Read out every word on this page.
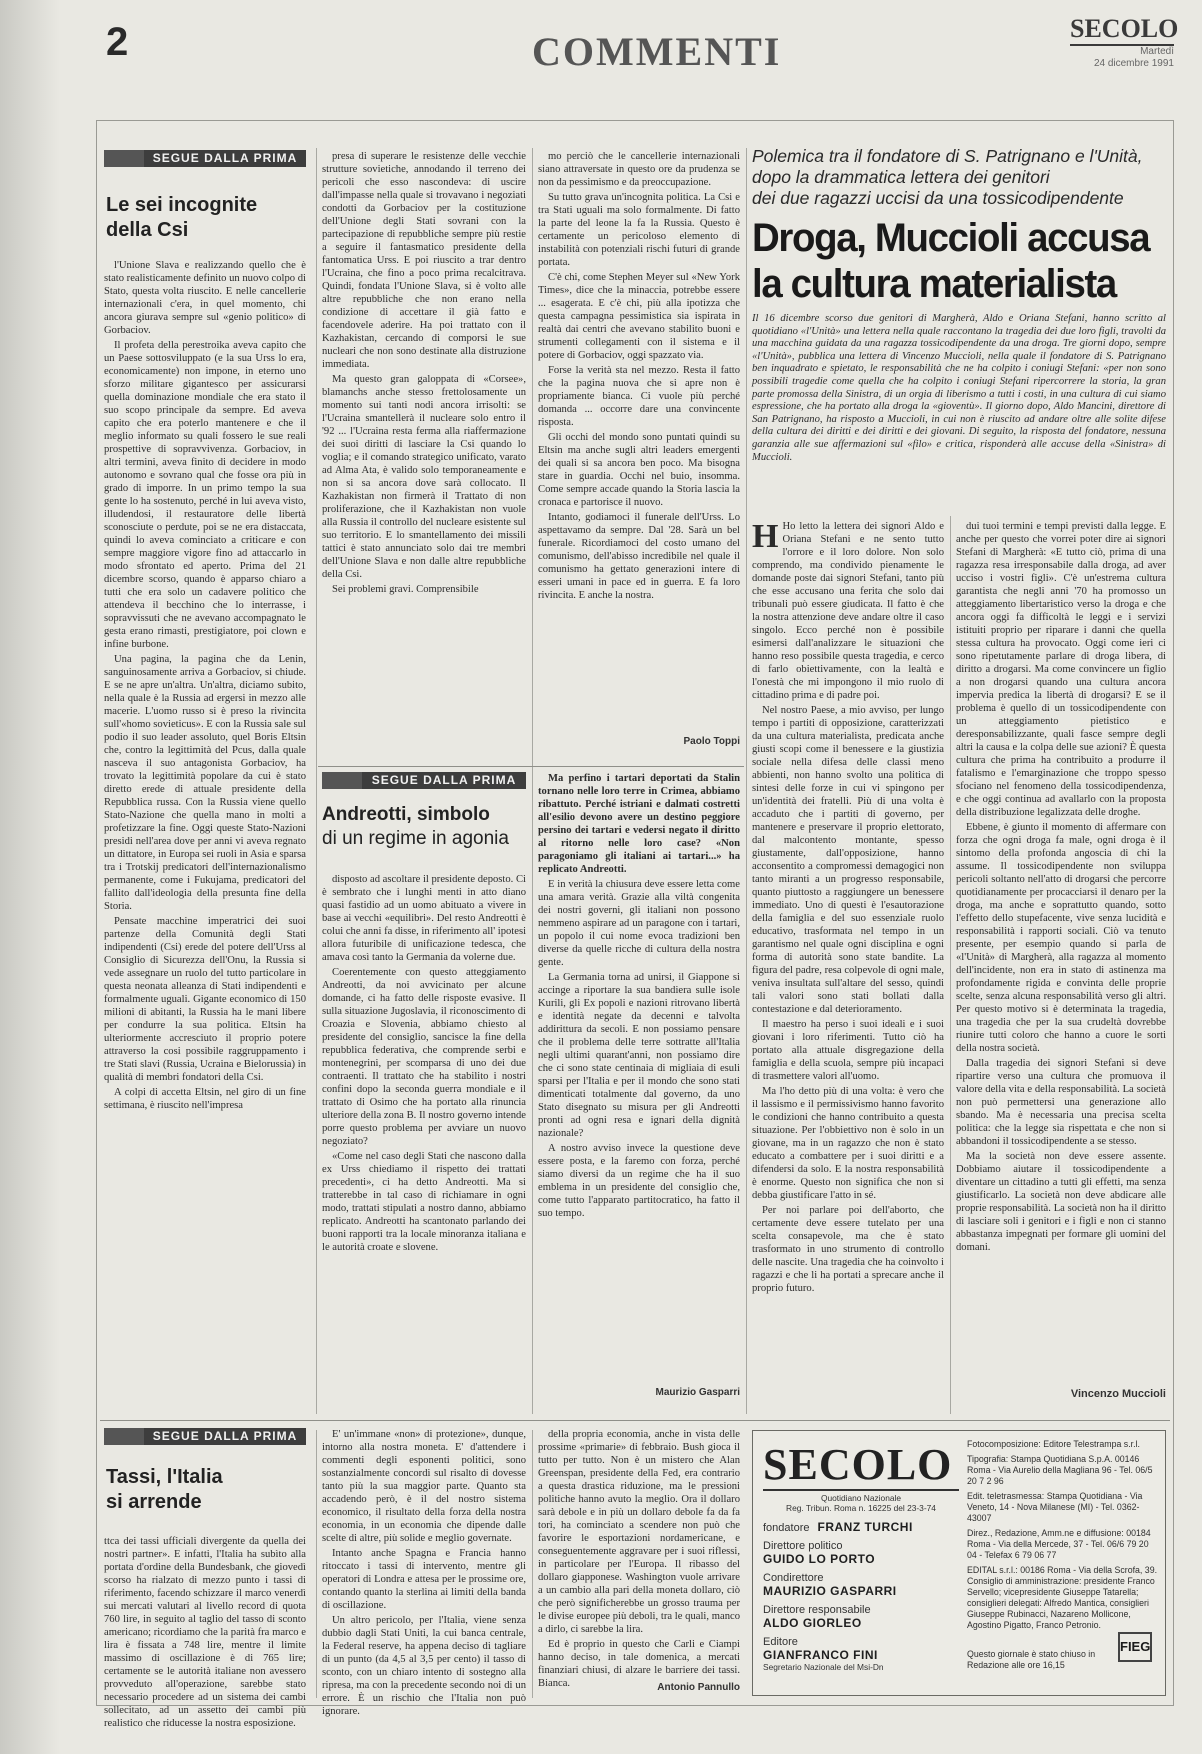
2	COMMENTI
SECOLO
Martedì
24 dicembre 1991
SEGUE DALLA PRIMA
Le sei incognite
della Csi

l'Unione Slava e realizzando quello che è stato realisticamente definito un nuovo colpo di Stato, questa volta riuscito. E nelle cancellerie internazionali c'era, in quel momento, chi ancora giurava sempre sul «genio politico» di Gorbaciov.

Il profeta della perestroika aveva capito che un Paese sottosviluppato (e la sua Urss lo era, economicamente) non impone, in eterno uno sforzo militare gigantesco per assicurarsi quella dominazione mondiale che era stato il suo scopo principale da sempre. Ed aveva capito che era poterlo mantenere e che il meglio informato su quali fossero le sue reali prospettive di sopravvivenza. Gorbaciov, in altri termini, aveva finito di decidere in modo autonomo e sovrano qual che fosse ora più in grado di imporre. In un primo tempo la sua gente lo ha sostenuto, perché in lui aveva visto, illudendosi, il restauratore delle libertà sconosciute o perdute, poi se ne era distaccata, quindi lo aveva cominciato a criticare e con sempre maggiore vigore fino ad attaccarlo in modo sfrontato ed aperto. Prima del 21 dicembre scorso, quando è apparso chiaro a tutti che era solo un cadavere politico che attendeva il becchino che lo interrasse, i sopravvissuti che ne avevano accompagnato le gesta erano rimasti, prestigiatore, poi clown e infine burbone.

Una pagina, la pagina che da Lenin, sanguinosamente arriva a Gorbaciov, si chiude. E se ne apre un'altra. Un'altra, diciamo subito, nella quale è la Russia ad ergersi in mezzo alle macerie. L'uomo russo si è preso la rivincita sull'«homo sovieticus». E con la Russia sale sul podio il suo leader assoluto, quel Boris Eltsin che, contro la legittimità del Pcus, dalla quale nasceva il suo antagonista Gorbaciov, ha trovato la legittimità popolare da cui è stato diretto erede di attuale presidente della Repubblica russa. Con la Russia viene quello Stato-Nazione che quella mano in molti a profetizzare la fine. Oggi queste Stato-Nazioni presidi nell'area dove per anni vi aveva regnato un dittatore, in Europa sei ruoli in Asia e sparsa tra i Trotskij predicatori dell'internazionalismo permanente, come i Fukujama, predicatori del fallito dall'ideologia della presunta fine della Storia.

Pensate macchine imperatrici dei suoi partenze della Comunità degli Stati indipendenti (Csi) erede del potere dell'Urss al Consiglio di Sicurezza dell'Onu, la Russia si vede assegnare un ruolo del tutto particolare in questa neonata alleanza di Stati indipendenti e formalmente uguali. Gigante economico di 150 milioni di abitanti, la Russia ha le mani libere per condurre la sua politica. Eltsin ha ulteriormente accresciuto il proprio potere attraverso la cosi possibile raggruppamento i tre Stati slavi (Russia, Ucraina e Bielorussia) in qualità di membri fondatori della Csi.

A colpi di accetta Eltsin, nel giro di un fine settimana, è riuscito nell'impresa

presa di superare le resistenze delle vecchie strutture sovietiche, annodando il terreno dei pericoli che esso nascondeva: di uscire dall'impasse nella quale si trovavano i negoziati condotti da Gorbaciov per la costituzione dell'Unione degli Stati sovrani con la partecipazione di repubbliche sempre più restie a seguire il fantasmatico presidente della fantomatica Urss. E poi riuscito a trar dentro l'Ucraina, che fino a poco prima recalcitrava. Quindi, fondata l'Unione Slava, si è volto alle altre repubbliche che non erano nella condizione di accettare il già fatto e facendovele aderire. Ha poi trattato con il Kazhakistan, cercando di comporsi le sue nucleari che non sono destinate alla distruzione immediata.

Ma questo gran galoppata di «Corsee», blamanchs anche stesso frettolosamente un momento sui tanti nodi ancora irrisolti: se l'Ucraina smantellerà il nucleare solo entro il '92 ... l'Ucraina resta ferma alla riaffermazione dei suoi diritti di lasciare la Csi quando lo voglia; e il comando strategico unificato, varato ad Alma Ata, è valido solo temporaneamente e non si sa ancora dove sarà collocato. Il Kazhakistan non firmerà il Trattato di non proliferazione, che il Kazhakistan non vuole alla Russia il controllo del nucleare esistente sul suo territorio. E lo smantellamento dei missili tattici è stato annunciato solo dai tre membri dell'Unione Slava e non dalle altre repubbliche della Csi.

Sei problemi gravi. Comprensibile

mo perciò che le cancellerie internazionali siano attraversate in questo ore da prudenza se non da pessimismo e da preoccupazione.

Su tutto grava un'incognita politica. La Csi e tra Stati uguali ma solo formalmente. Di fatto la parte del leone la fa la Russia. Questo è certamente un pericoloso elemento di instabilità con potenziali rischi futuri di grande portata.

C'è chi, come Stephen Meyer sul «New York Times», dice che la minaccia, potrebbe essere ... esagerata. E c'è chi, più alla ipotizza che questa campagna pessimistica sia ispirata in realtà dai centri che avevano stabilito buoni e strumenti collegamenti con il sistema e il potere di Gorbaciov, oggi spazzato via.

Forse la verità sta nel mezzo. Resta il fatto che la pagina nuova che si apre non è propriamente bianca. Ci vuole più perché domanda ... occorre dare una convincente risposta.

Gli occhi del mondo sono puntati quindi su Eltsin ma anche sugli altri leaders emergenti dei quali si sa ancora ben poco. Ma bisogna stare in guardia. Occhi nel buio, insomma. Come sempre accade quando la Storia lascia la cronaca e partorisce il nuovo.

Intanto, godiamoci il funerale dell'Urss. Lo aspettavamo da sempre. Dal '28. Sarà un bel funerale. Ricordiamoci del costo umano del comunismo, dell'abisso incredibile nel quale il comunismo ha gettato generazioni intere di esseri umani in pace ed in guerra. E fa loro rivincita. E anche la nostra.

Paolo Toppi
SEGUE DALLA PRIMA
Andreotti, simbolo
di un regime in agonia

disposto ad ascoltare il presidente deposto. Ci è sembrato che i lunghi menti in atto diano quasi fastidio ad un uomo abituato a vivere in base ai vecchi «equilibri». Del resto Andreotti è colui che anni fa disse, in riferimento all' ipotesi allora futuribile di unificazione tedesca, che amava così tanto la Germania da volerne due.

Coerentemente con questo atteggiamento Andreotti, da noi avvicinato per alcune domande, ci ha fatto delle risposte evasive. Il sulla situazione Jugoslavia, il riconoscimento di Croazia e Slovenia, abbiamo chiesto al presidente del consiglio, sancisce la fine della repubblica federativa, che comprende serbi e montenegrini, per scomparsa di uno dei due contraenti. Il trattato che ha stabilito i nostri confini dopo la seconda guerra mondiale e il trattato di Osimo che ha portato alla rinuncia ulteriore della zona B. Il nostro governo intende porre questo problema per avviare un nuovo negoziato?

«Come nel caso degli Stati che nascono dalla ex Urss chiediamo il rispetto dei trattati precedenti», ci ha detto Andreotti. Ma si tratterebbe in tal caso di richiamare in ogni modo, trattati stipulati a nostro danno, abbiamo replicato. Andreotti ha scantonato parlando dei buoni rapporti tra la locale minoranza italiana e le autorità croate e slovene.

Ma perfino i tartari deportati da Stalin tornano nelle loro terre in Crimea, abbiamo ribattuto. Perché istriani e dalmati costretti all'esilio devono avere un destino peggiore persino dei tartari e vedersi negato il diritto al ritorno nelle loro case? «Non paragoniamo gli italiani ai tartari...» ha replicato Andreotti.

E in verità la chiusura deve essere letta come una amara verità. Grazie alla viltà congenita dei nostri governi, gli italiani non possono nemmeno aspirare ad un paragone con i tartari, un popolo il cui nome evoca tradizioni ben diverse da quelle ricche di cultura della nostra gente.

La Germania torna ad unirsi, il Giappone si accinge a riportare la sua bandiera sulle isole Kurili, gli Ex popoli e nazioni ritrovano libertà e identità negate da decenni e talvolta addirittura da secoli. E non possiamo pensare che il problema delle terre sottratte all'Italia negli ultimi quarant'anni, non possiamo dire che ci sono state centinaia di migliaia di esuli sparsi per l'Italia e per il mondo che sono stati dimenticati totalmente dal governo, da uno Stato disegnato su misura per gli Andreotti pronti ad ogni resa e ignari della dignità nazionale?

A nostro avviso invece la questione deve essere posta, e la faremo con forza, perché siamo diversi da un regime che ha il suo emblema in un presidente del consiglio che, come tutto l'apparato partitocratico, ha fatto il suo tempo.

Maurizio Gasparri
Polemica tra il fondatore di S. Patrignano e l'Unità,
dopo la drammatica lettera dei genitori
dei due ragazzi uccisi da una tossicodipendente
Droga, Muccioli accusa
la cultura materialista
Il 16 dicembre scorso due genitori di Margherà, Aldo e Oriana Stefani, hanno scritto al quotidiano «l'Unità» una lettera nella quale raccontano la tragedia dei due loro figli, travolti da una macchina guidata da una ragazza tossicodipendente da una droga. Tre giorni dopo, sempre «l'Unità», pubblica una lettera di Vincenzo Muccioli, nella quale il fondatore di S. Patrignano ben inquadrato e spietato, le responsabilità che ne ha colpito i coniugi Stefani: «per non sono possibili tragedie come quella che ha colpito i coniugi Stefani ripercorrere la storia, la gran parte promossa della Sinistra, di un orgia di liberismo a tutti i costi, in una cultura di cui siamo espressione, che ha portato alla droga la «gioventù». Il giorno dopo, Aldo Mancini, direttore di San Patrignano, ha risposto a Muccioli, in cui non è riuscito ad andare oltre alle solite difese della cultura dei diritti e dei diritti e dei giovani. Di seguito, la risposta del fondatore, nessuna garanzia alle sue affermazioni sul «filo» e critica, risponderà alle accuse della «Sinistra» di Muccioli.
H Ho letto la lettera dei signori Aldo e Oriana Stefani e ne sento tutto l'orrore e il loro dolore. Non solo comprendo, ma condivido pienamente le domande poste dai signori Stefani, tanto più che esse accusano una ferita che solo dai tribunali può essere giudicata. Il fatto è che la nostra attenzione deve andare oltre il caso singolo. Ecco perché non è possibile esimersi dall'analizzare le situazioni che hanno reso possibile questa tragedia, e cerco di farlo obiettivamente, con la lealtà e l'onestà che mi impongono il mio ruolo di cittadino prima e di padre poi.

Nel nostro Paese, a mio avviso, per lungo tempo i partiti di opposizione, caratterizzati da una cultura materialista, predicata anche giusti scopi come il benessere e la giustizia sociale nella difesa delle classi meno abbienti, non hanno svolto una politica di sintesi delle forze in cui vi spingono per un'identità dei fratelli. Più di una volta è accaduto che i partiti di governo, per mantenere e preservare il proprio elettorato, dal malcontento montante, spesso giustamente, dall'opposizione, hanno acconsentito a compromessi demagogici non tanto miranti a un progresso responsabile, quanto piuttosto a raggiungere un benessere immediato. Uno di questi è l'esautorazione della famiglia e del suo essenziale ruolo educativo, trasformata nel tempo in un garantismo nel quale ogni disciplina e ogni forma di autorità sono state bandite. La figura del padre, resa colpevole di ogni male, veniva insultata sull'altare del sesso, quindi tali valori sono stati bollati dalla contestazione e dal deterioramento.

Il maestro ha perso i suoi ideali e i suoi giovani i loro riferimenti. Tutto ciò ha portato alla attuale disgregazione della famiglia e della scuola, sempre più incapaci di trasmettere valori all'uomo.

Ma l'ho detto più di una volta: è vero che il lassismo e il permissivismo hanno favorito le condizioni che hanno contribuito a questa situazione. Per l'obbiettivo non è solo in un giovane, ma in un ragazzo che non è stato educato a combattere per i suoi diritti e a difendersi da solo. E la nostra responsabilità è enorme. Questo non significa che non si debba giustificare l'atto in sé.

Per noi parlare poi dell'aborto, che certamente deve essere tutelato per una scelta consapevole, ma che è stato trasformato in uno strumento di controllo delle nascite. Una tragedia che ha coinvolto i ragazzi e che li ha portati a sprecare anche il proprio futuro.

dui tuoi termini e tempi previsti dalla legge. E anche per questo che vorrei poter dire ai signori Stefani di Margherà: «E tutto ciò, prima di una ragazza resa irresponsabile dalla droga, ad aver ucciso i vostri figli». C'è un'estrema cultura garantista che negli anni '70 ha promosso un atteggiamento libertaristico verso la droga e che ancora oggi fa difficoltà le leggi e i servizi istituiti proprio per riparare i danni che quella stessa cultura ha provocato. Oggi come ieri ci sono ripetutamente parlare di droga libera, di diritto a drogarsi. Ma come convincere un figlio a non drogarsi quando una cultura ancora impervia predica la libertà di drogarsi? E se il problema è quello di un tossicodipendente con un atteggiamento pietistico e deresponsabilizzante, quali fasce sempre degli altri la causa e la colpa delle sue azioni? È questa cultura che prima ha contribuito a produrre il fatalismo e l'emarginazione che troppo spesso sfociano nel fenomeno della tossicodipendenza, e che oggi continua ad avallarlo con la proposta della distribuzione legalizzata delle droghe.

Ebbene, è giunto il momento di affermare con forza che ogni droga fa male, ogni droga è il sintomo della profonda angoscia di chi la assume. Il tossicodipendente non sviluppa pericoli soltanto nell'atto di drogarsi che percorre quotidianamente per procacciarsi il denaro per la droga, ma anche e soprattutto quando, sotto l'effetto dello stupefacente, vive senza lucidità e responsabilità i rapporti sociali. Ciò va tenuto presente, per esempio quando si parla de «l'Unità» di Margherà, alla ragazza al momento dell'incidente, non era in stato di astinenza ma profondamente rigida e convinta delle proprie scelte, senza alcuna responsabilità verso gli altri. Per questo motivo si è determinata la tragedia, una tragedia che per la sua crudeltà dovrebbe riunire tutti coloro che hanno a cuore le sorti della nostra società.

Dalla tragedia dei signori Stefani si deve ripartire verso una cultura che promuova il valore della vita e della responsabilità. La società non può permettersi una generazione allo sbando. Ma è necessaria una precisa scelta politica: che la legge sia rispettata e che non si abbandoni il tossicodipendente a se stesso.

Ma la società non deve essere assente. Dobbiamo aiutare il tossicodipendente a diventare un cittadino a tutti gli effetti, ma senza giustificarlo. La società non deve abdicare alle proprie responsabilità. La società non ha il diritto di lasciare soli i genitori e i figli e non ci stanno abbastanza impegnati per formare gli uomini del domani.

Vincenzo Muccioli
SEGUE DALLA PRIMA
Tassi, l'Italia
si arrende

ttca dei tassi ufficiali divergente da quella dei nostri partner». E infatti, l'Italia ha subìto alla portata d'ordine della Bundesbank, che giovedì scorso ha rialzato di mezzo punto i tassi di riferimento, facendo schizzare il marco venerdì sui mercati valutari al livello record di quota 760 lire, in seguito al taglio del tasso di sconto americano; ricordiamo che la parità fra marco e lira è fissata a 748 lire, mentre il limite massimo di oscillazione è di 765 lire; certamente se le autorità italiane non avessero provveduto all'operazione, sarebbe stato necessario procedere ad un sistema dei cambi sollecitato, ad un assetto dei cambi più realistico che riducesse la nostra esposizione.

E' un'immane «non» di protezione», dunque, intorno alla nostra moneta. E' d'attendere i commenti degli esponenti politici, sono sostanzialmente concordi sul risalto di dovesse tanto più la sua maggior parte. Quanto sta accadendo però, è il del nostro sistema economico, il risultato della forza della nostra economia, in un economia che dipende dalle scelte di altre, più solide e meglio governate.

Intanto anche Spagna e Francia hanno ritoccato i tassi di intervento, mentre gli operatori di Londra e attesa per le prossime ore, contando quanto la sterlina ai limiti della banda di oscillazione.

Un altro pericolo, per l'Italia, viene senza dubbio dagli Stati Uniti, la cui banca centrale, la Federal reserve, ha appena deciso di tagliare di un punto (da 4,5 al 3,5 per cento) il tasso di sconto, con un chiaro intento di sostegno alla ripresa, ma con la precedente secondo noi di un errore. È un rischio che l'Italia non può ignorare.

della propria economia, anche in vista delle prossime «primarie» di febbraio. Bush gioca il tutto per tutto. Non è un mistero che Alan Greenspan, presidente della Fed, era contrario a questa drastica riduzione, ma le pressioni politiche hanno avuto la meglio. Ora il dollaro sarà debole e in più un dollaro debole fa da fa tori, ha cominciato a scendere non può che favorire le esportazioni nordamericane, e conseguentemente aggravare per i suoi riflessi, in particolare per l'Europa. Il ribasso del dollaro giapponese. Washington vuole arrivare a un cambio alla pari della moneta dollaro, ciò che però significherebbe un grosso trauma per le divise europee più deboli, tra le quali, manco a dirlo, ci sarebbe la lira.

Ed è proprio in questo che Carli e Ciampi hanno deciso, in tale domenica, a mercati finanziari chiusi, di alzare le barriere dei tassi. Bianca.	Antonio Pannullo
SECOLO
Quotidiano Nazionale
Reg. Tribun. Roma n. 16225 del 23-3-74
fondatore FRANZ TURCHI
Direttore politico
GUIDO LO PORTO
Condirettore
MAURIZIO GASPARRI
Direttore responsabile
ALDO GIORLEO
Editore
GIANFRANCO FINI
Segretario Nazionale del Msi-Dn
Fotocomposizione: Editore Telestrampa s.r.l.
Tipografia: Stampa Quotidiana S.p.A. 00146 Roma - Via Aurelio della Magliana 96 - Tel. 06/5 20 7 2 96
Edit. teletrasmessa: Stampa Quotidiana - Via Veneto, 14 - Nova Milanese (MI) - Tel. 0362-43007
Direz., Redazione, Amm.ne e diffusione: 00184 Roma - Via della Mercede, 37 - Tel. 06/6 79 20 04 - Telefax 6 79 06 77
EDITAL s.r.l.: 00186 Roma - Via della Scrofa, 39. Consiglio di amministrazione: presidente Franco Servello; vicepresidente Giuseppe Tatarella; consiglieri delegati: Alfredo Mantica, consiglieri Giuseppe Rubinacci, Nazareno Mollicone, Agostino Pigatto, Franco Petronio.
Questo giornale è stato chiuso in Redazione alle ore 16,15
FIEG
